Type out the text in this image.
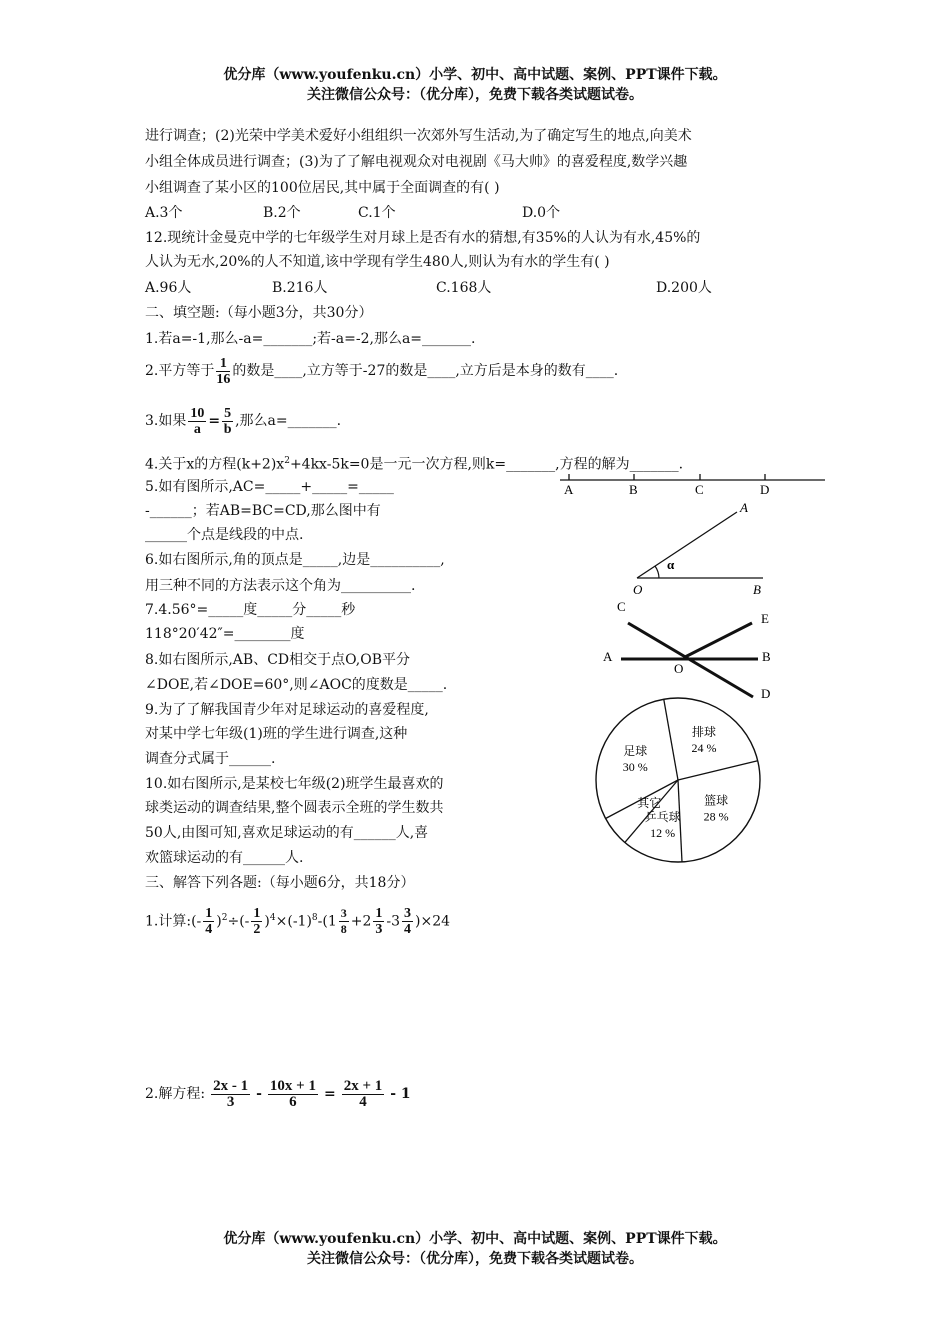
优分库（www.youfenku.cn）小学、初中、高中试题、案例、PPT课件下载。
关注微信公众号：（优分库），免费下载各类试题试卷。
进行调查；(2)光荣中学美术爱好小组组织一次郊外写生活动,为了确定写生的地点,向美术
小组全体成员进行调查；(3)为了了解电视观众对电视剧《马大帅》的喜爱程度,数学兴趣
小组调查了某小区的100位居民,其中属于全面调查的有( )
A.3个	B.2个	C.1个	D.0个
12.现统计金曼克中学的七年级学生对月球上是否有水的猜想,有35%的人认为有水,45%的
人认为无水,20%的人不知道,该中学现有学生480人,则认为有水的学生有( )
A.96人	B.216人	C.168人	D.200人
二、填空题:（每小题3分，共30分）
1.若a=-1,那么-a=_______;若-a=-2,那么a=_______.
2.平方等于 $\frac{1}{16}$ 的数是____,立方等于-27的数是____,立方后是本身的数有____.
3.如果 $\frac{10}{a} = \frac{5}{b}$ ,那么a=_______.
4.关于x的方程$(k+2)x^2+4kx-5k=0$是一元一次方程,则k=_______,方程的解为_______.
5.如有图所示,AC=_____+_____=_____
-______；若AB=BC=CD,那么图中有
______个点是线段的中点.
6.如右图所示,角的顶点是_____,边是__________,
用三种不同的方法表示这个角为__________.
7.4.56°=_____度_____分_____秒
118°20′42″=________度
8.如右图所示,AB、CD相交于点O,OB平分
∠DOE,若∠DOE=60°,则∠AOC的度数是_____.
9.为了了解我国青少年对足球运动的喜爱程度,
对某中学七年级(1)班的学生进行调查,这种
调查分式属于______.
10.如右图所示,是某校七年级(2)班学生最喜欢的
球类运动的调查结果,整个圆表示全班的学生数共
50人,由图可知,喜欢足球运动的有______人,喜
欢篮球运动的有______人.
三、解答下列各题:（每小题6分，共18分）
1.计算:(- $\frac{1}{4} )^2\div(- \frac{1}{2} )^4\times(-1)^8-(1 \frac{3}{8} +2 \frac{1}{3} -3 \frac{3}{4} )\times 24$
2.解方程: $\frac{2x - 1}{3} - \frac{10x + 1}{6} = \frac{2x + 1}{4} - 1$
A	B	C	D
O
A
B
α
C
E
A
O
B
D
足球
30 %
排球
24 %
篮球
28 %
乒乓球
12 %
其它
优分库（www.youfenku.cn）小学、初中、高中试题、案例、PPT课件下载。
关注微信公众号：（优分库），免费下载各类试题试卷。
